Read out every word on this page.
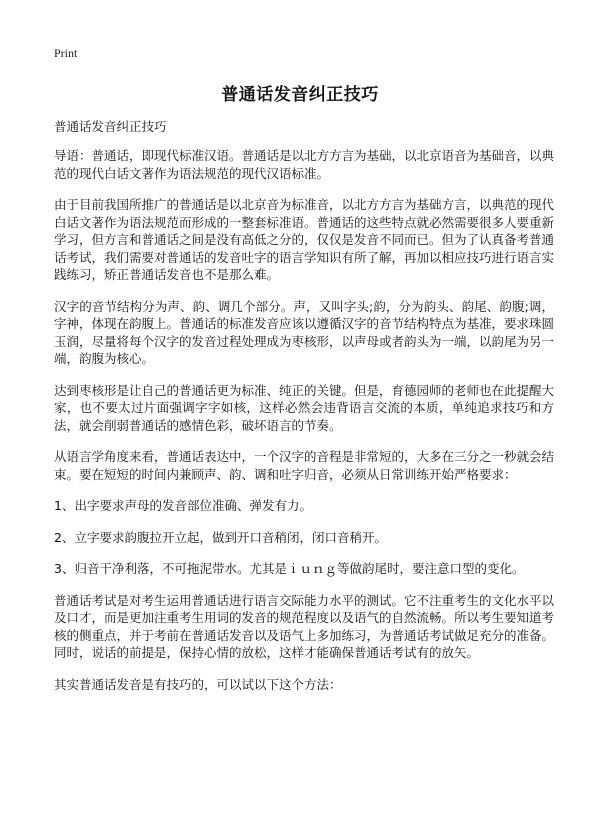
Print
普通话发音纠正技巧

普通话发音纠正技巧

导语：普通话，即现代标准汉语。普通话是以北方方言为基础，以北京语音为基础音，以典范的现代白话文著作为语法规范的现代汉语标准。

由于目前我国所推广的普通话是以北京音为标准音，以北方方言为基础方言，以典范的现代白话文著作为语法规范而形成的一整套标准语。普通话的这些特点就必然需要很多人要重新学习，但方言和普通话之间是没有高低之分的，仅仅是发音不同而已。但为了认真备考普通话考试，我们需要对普通话的发音吐字的语言学知识有所了解，再加以相应技巧进行语言实践练习，矫正普通话发音也不是那么难。

汉字的音节结构分为声、韵、调几个部分。声，又叫字头;韵，分为韵头、韵尾、韵腹;调，字神，体现在韵腹上。普通话的标准发音应该以遵循汉字的音节结构特点为基准，要求珠圆玉润，尽量将每个汉字的发音过程处理成为枣核形，以声母或者韵头为一端，以韵尾为另一端，韵腹为核心。

达到枣核形是让自己的普通话更为标准、纯正的关键。但是，育德园师的老师也在此提醒大家，也不要太过片面强调字字如核，这样必然会违背语言交流的本质，单纯追求技巧和方法，就会削弱普通话的感情色彩，破坏语言的节奏。

从语言学角度来看，普通话表达中，一个汉字的音程是非常短的，大多在三分之一秒就会结束。要在短短的时间内兼顾声、韵、调和吐字归音，必须从日常训练开始严格要求：

1、出字要求声母的发音部位准确、弹发有力。

2、立字要求韵腹拉开立起，做到开口音稍闭，闭口音稍开。

3、归音干净利落，不可拖泥带水。尤其是ｉｕｎｇ等做韵尾时，要注意口型的变化。

普通话考试是对考生运用普通话进行语言交际能力水平的测试。它不注重考生的文化水平以及口才，而是更加注重考生用词的发音的规范程度以及语气的自然流畅。所以考生要知道考核的侧重点，并于考前在普通话发音以及语气上多加练习，为普通话考试做足充分的准备。同时，说话的前提是，保持心情的放松，这样才能确保普通话考试有的放矢。

其实普通话发音是有技巧的，可以试以下这个方法：
